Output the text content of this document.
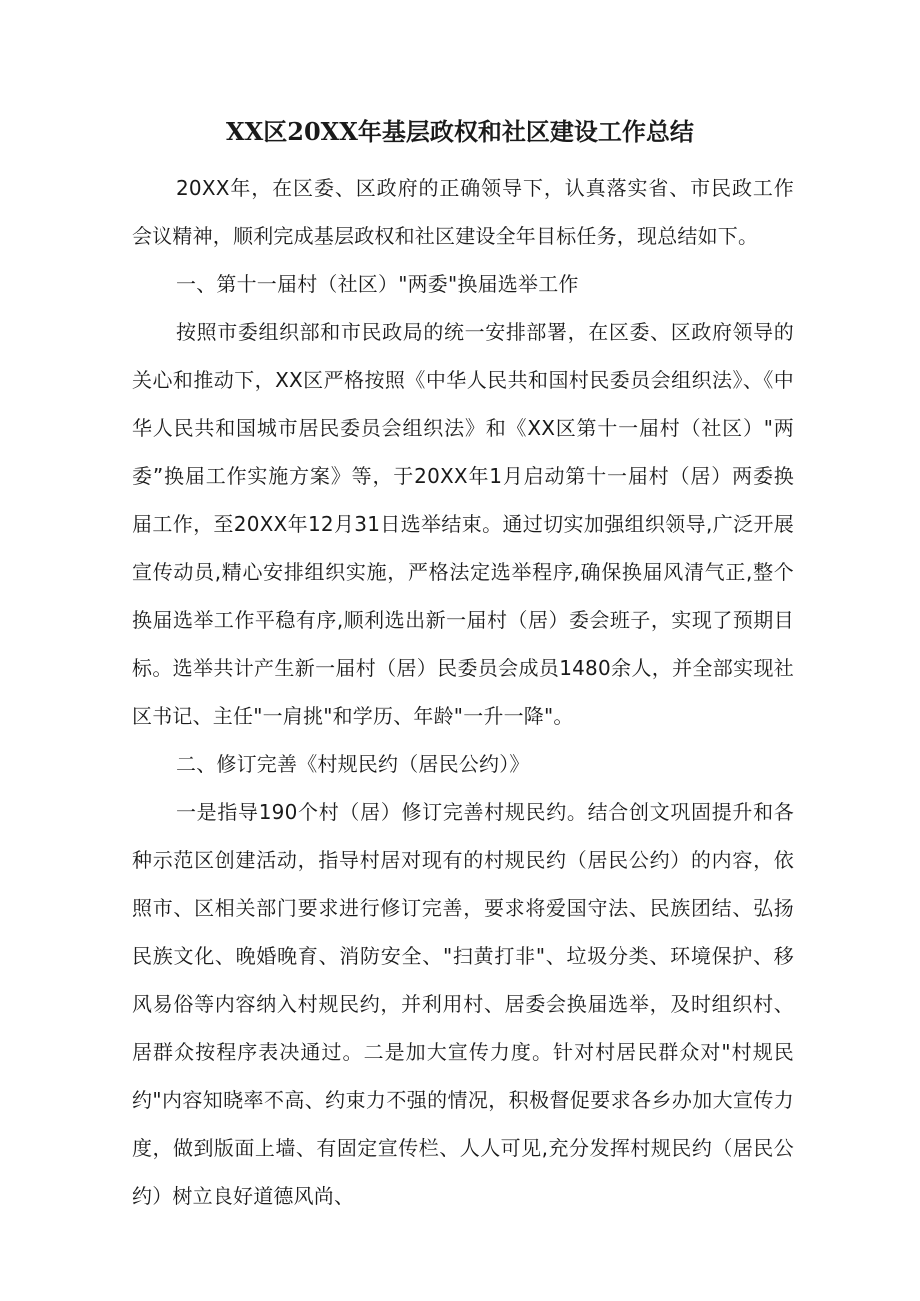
XX区20XX年基层政权和社区建设工作总结

20XX年，在区委、区政府的正确领导下，认真落实省、市民政工作会议精神，顺利完成基层政权和社区建设全年目标任务，现总结如下。

一、第十一届村（社区）"两委"换届选举工作

按照市委组织部和市民政局的统一安排部署，在区委、区政府领导的关心和推动下，XX区严格按照《中华人民共和国村民委员会组织法》、《中华人民共和国城市居民委员会组织法》和《XX区第十一届村（社区）"两委”换届工作实施方案》等，于20XX年1月启动第十一届村（居）两委换届工作，至20XX年12月31日选举结束。通过切实加强组织领导,广泛开展宣传动员,精心安排组织实施，严格法定选举程序,确保换届风清气正,整个换届选举工作平稳有序,顺利选出新一届村（居）委会班子，实现了预期目标。选举共计产生新一届村（居）民委员会成员1480余人，并全部实现社区书记、主任"一肩挑"和学历、年龄"一升一降"。

二、修订完善《村规民约（居民公约）》

一是指导190个村（居）修订完善村规民约。结合创文巩固提升和各种示范区创建活动，指导村居对现有的村规民约（居民公约）的内容，依照市、区相关部门要求进行修订完善，要求将爱国守法、民族团结、弘扬民族文化、晚婚晚育、消防安全、"扫黄打非"、垃圾分类、环境保护、移风易俗等内容纳入村规民约，并利用村、居委会换届选举，及时组织村、居群众按程序表决通过。二是加大宣传力度。针对村居民群众对"村规民约"内容知晓率不高、约束力不强的情况，积极督促要求各乡办加大宣传力度，做到版面上墙、有固定宣传栏、人人可见,充分发挥村规民约（居民公约）树立良好道德风尚、
